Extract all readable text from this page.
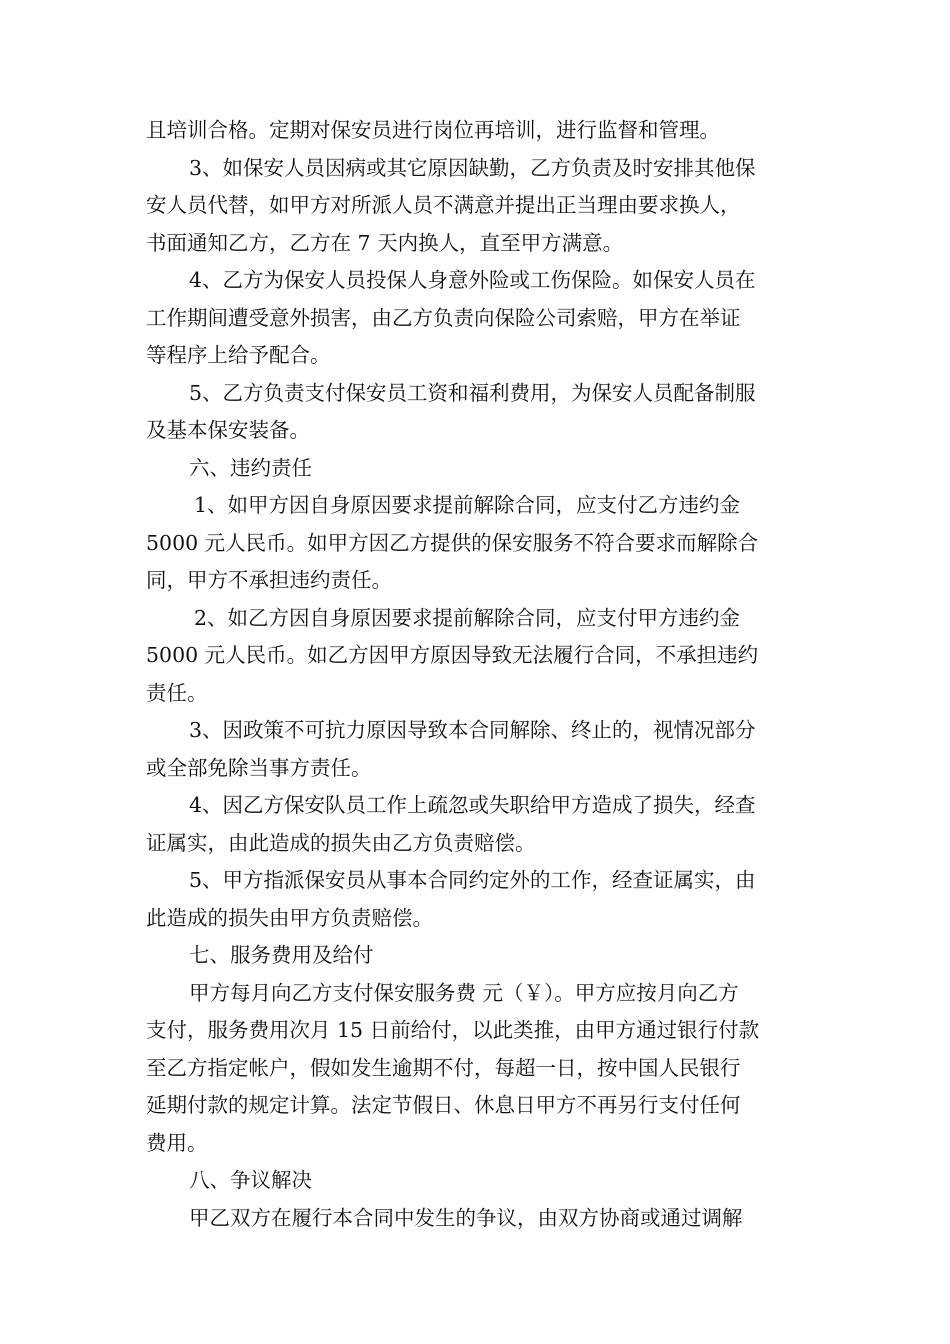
且培训合格。定期对保安员进行岗位再培训，进行监督和管理。
3、如保安人员因病或其它原因缺勤，乙方负责及时安排其他保
安人员代替，如甲方对所派人员不满意并提出正当理由要求换人，
书面通知乙方，乙方在 7 天内换人，直至甲方满意。
4、乙方为保安人员投保人身意外险或工伤保险。如保安人员在
工作期间遭受意外损害，由乙方负责向保险公司索赔，甲方在举证
等程序上给予配合。
5、乙方负责支付保安员工资和福利费用，为保安人员配备制服
及基本保安装备。
六、违约责任
1、如甲方因自身原因要求提前解除合同，应支付乙方违约金
5000 元人民币。如甲方因乙方提供的保安服务不符合要求而解除合
同，甲方不承担违约责任。
2、如乙方因自身原因要求提前解除合同，应支付甲方违约金
5000 元人民币。如乙方因甲方原因导致无法履行合同，不承担违约
责任。
3、因政策不可抗力原因导致本合同解除、终止的，视情况部分
或全部免除当事方责任。
4、因乙方保安队员工作上疏忽或失职给甲方造成了损失，经查
证属实，由此造成的损失由乙方负责赔偿。
5、甲方指派保安员从事本合同约定外的工作，经查证属实，由
此造成的损失由甲方负责赔偿。
七、服务费用及给付
甲方每月向乙方支付保安服务费 元（￥）。甲方应按月向乙方
支付，服务费用次月 15 日前给付，以此类推，由甲方通过银行付款
至乙方指定帐户，假如发生逾期不付，每超一日，按中国人民银行
延期付款的规定计算。法定节假日、休息日甲方不再另行支付任何
费用。
八、争议解决
甲乙双方在履行本合同中发生的争议，由双方协商或通过调解
